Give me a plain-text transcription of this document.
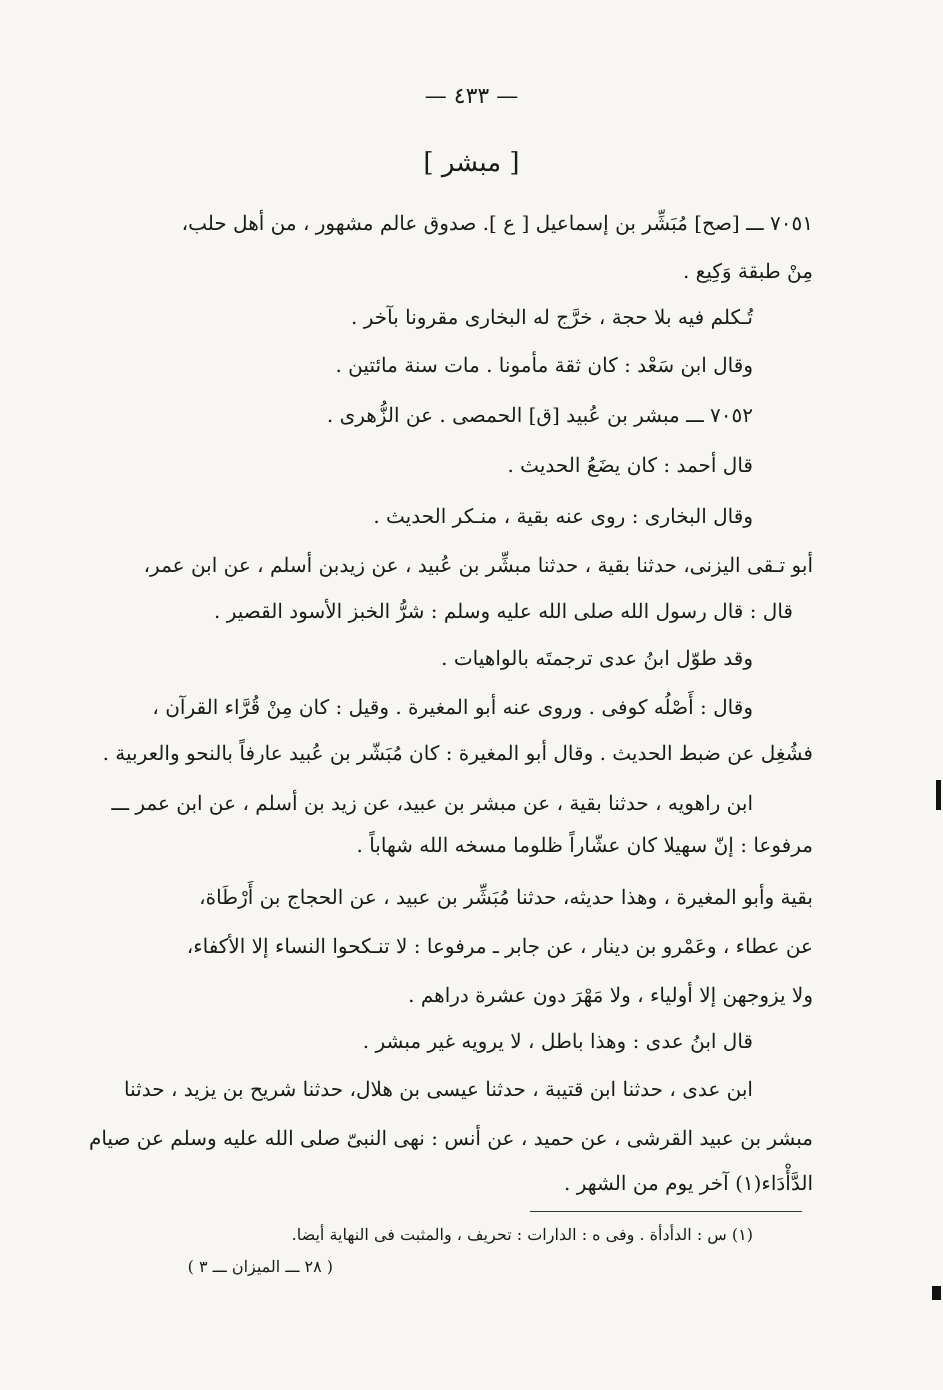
— ٤٣٣ —
[ مبشر ]
٧٠٥١ ـــ [صح] مُبَشِّر بن إسماعيل [ ع ]. صدوق عالم مشهور ، من أهل حلب،
مِنْ طبقة وَكِيع .
تُـكلم فيه بلا حجة ، خرَّج له البخارى مقرونا بآخر .
وقال ابن سَعْد : كان ثقة مأمونا . مات سنة مائتين .
٧٠٥٢ ـــ مبشر بن عُبيد [ق] الحمصى . عن الزُّهرى .
قال أحمد : كان يضَعُ الحديث .
وقال البخارى : روى عنه بقية ، منـكر الحديث .
أبو تـقى اليزنى، حدثنا بقية ، حدثنا مبشِّر بن عُبيد ، عن زيدبن أسلم ، عن ابن عمر،
قال : قال رسول الله صلى الله عليه وسلم : شرُّ الخبز الأسود القصير .
وقد طوّل ابنُ عدى ترجمتَه بالواهيات .
وقال : أَصْلُه كوفى . وروى عنه أبو المغيرة . وقيل : كان مِنْ قُرَّاء القرآن ،
فشُغِل عن ضبط الحديث . وقال أبو المغيرة : كان مُبَشّر بن عُبيد عارفاً بالنحو والعربية .
ابن راهويه ، حدثنا بقية ، عن مبشر بن عبيد، عن زيد بن أسلم ، عن ابن عمر ـــ
مرفوعا : إنّ سهيلا كان عشّاراً ظلوما مسخه الله شهاباً .
بقية وأبو المغيرة ، وهذا حديثه، حدثنا مُبَشِّر بن عبيد ، عن الحجاج بن أَرْطَاة،
عن عطاء ، وعَمْرو بن دينار ، عن جابر ـ مرفوعا : لا تنـكحوا النساء إلا الأكفاء،
ولا يزوجهن إلا أولياء ، ولا مَهْرَ دون عشرة دراهم .
قال ابنُ عدى : وهذا باطل ، لا يرويه غير مبشر .
ابن عدى ، حدثنا ابن قتيبة ، حدثنا عيسى بن هلال، حدثنا شريح بن يزيد ، حدثنا
مبشر بن عبيد القرشى ، عن حميد ، عن أنس : نهى النبىّ صلى الله عليه وسلم عن صيام
الدَّأْدَاء(١) آخر يوم من الشهر .
(١) س : الدأدأة . وفى ه : الدارات : تحريف ، والمثبت فى النهاية أيضا.
( ٢٨ ـــ الميزان ـــ ٣ )
